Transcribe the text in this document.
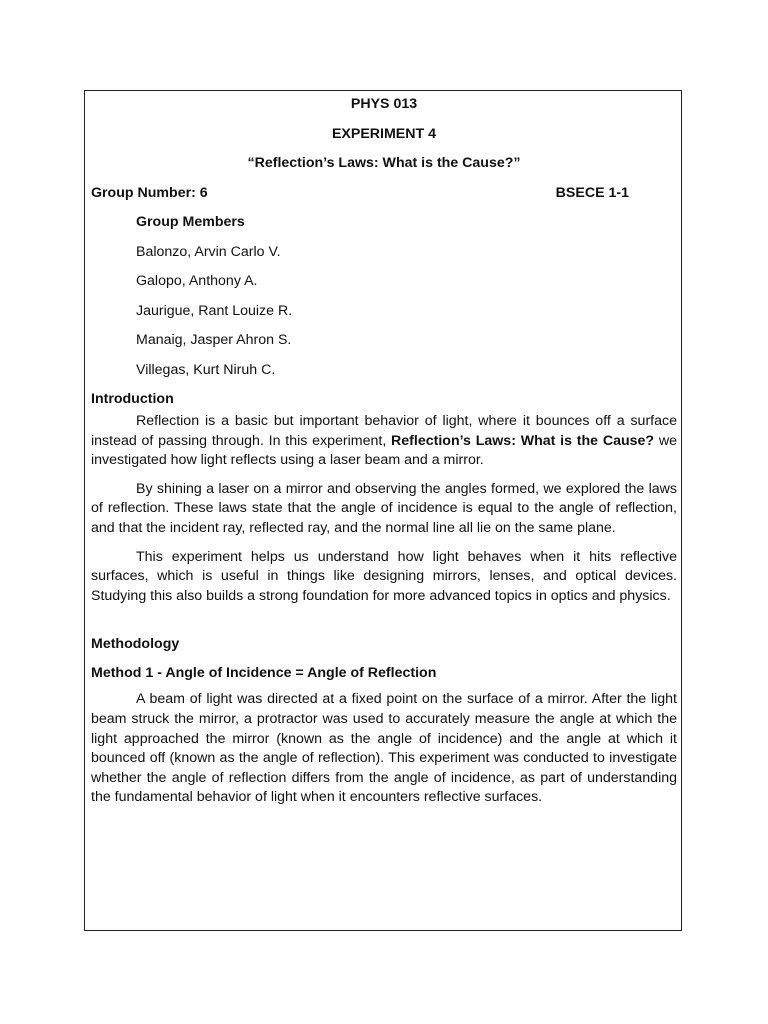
PHYS 013
EXPERIMENT 4
“Reflection’s Laws: What is the Cause?”
Group Number: 6	BSECE 1-1
Group Members
Balonzo, Arvin Carlo V.
Galopo, Anthony A.
Jaurigue, Rant Louize R.
Manaig, Jasper Ahron S.
Villegas, Kurt Niruh C.
Introduction

Reflection is a basic but important behavior of light, where it bounces off a surface instead of passing through. In this experiment, Reflection’s Laws: What is the Cause? we investigated how light reflects using a laser beam and a mirror.

By shining a laser on a mirror and observing the angles formed, we explored the laws of reflection. These laws state that the angle of incidence is equal to the angle of reflection, and that the incident ray, reflected ray, and the normal line all lie on the same plane.

This experiment helps us understand how light behaves when it hits reflective surfaces, which is useful in things like designing mirrors, lenses, and optical devices. Studying this also builds a strong foundation for more advanced topics in optics and physics.

Methodology
Method 1 - Angle of Incidence = Angle of Reflection

A beam of light was directed at a fixed point on the surface of a mirror. After the light beam struck the mirror, a protractor was used to accurately measure the angle at which the light approached the mirror (known as the angle of incidence) and the angle at which it bounced off (known as the angle of reflection). This experiment was conducted to investigate whether the angle of reflection differs from the angle of incidence, as part of understanding the fundamental behavior of light when it encounters reflective surfaces.
